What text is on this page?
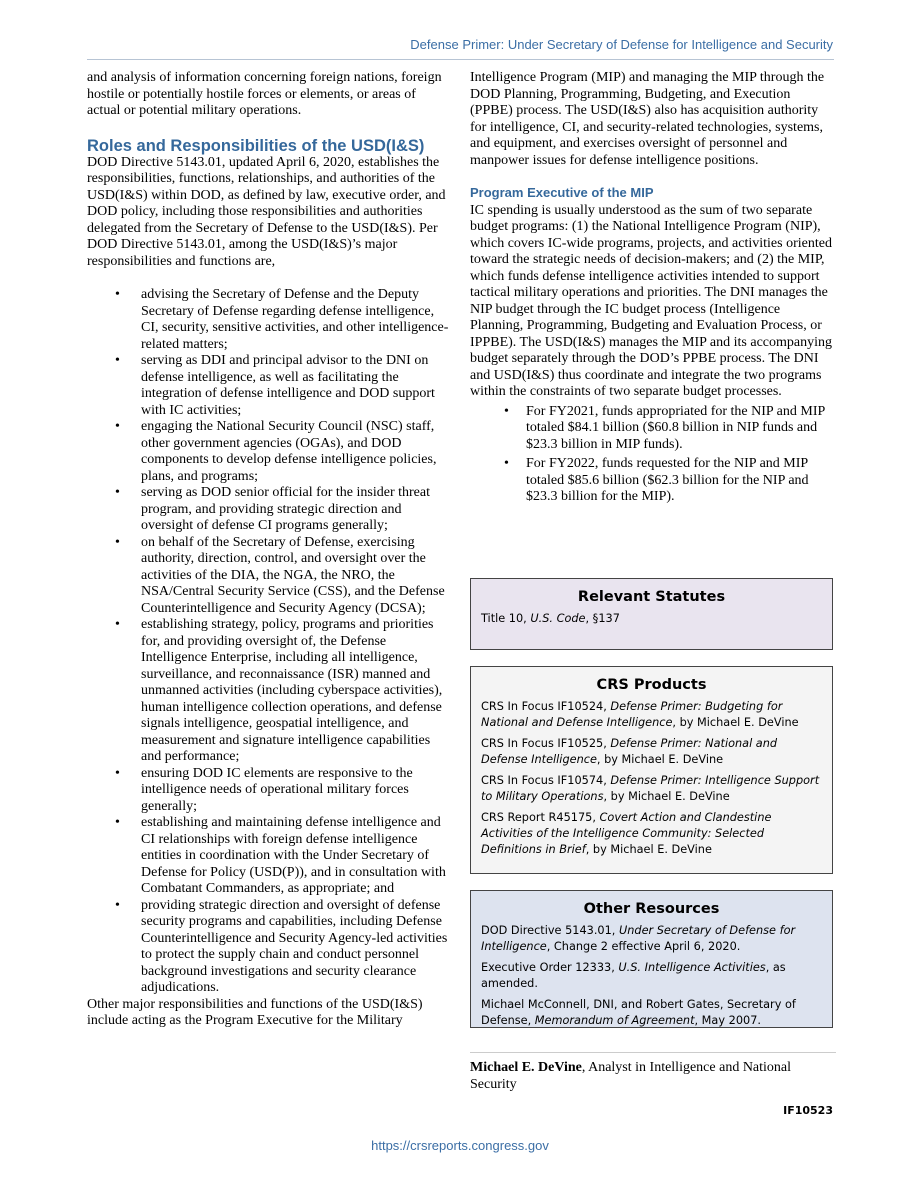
Defense Primer: Under Secretary of Defense for Intelligence and Security

and analysis of information concerning foreign nations, foreign hostile or potentially hostile forces or elements, or areas of actual or potential military operations.

Roles and Responsibilities of the USD(I&S)

DOD Directive 5143.01, updated April 6, 2020, establishes the responsibilities, functions, relationships, and authorities of the USD(I&S) within DOD, as defined by law, executive order, and DOD policy, including those responsibilities and authorities delegated from the Secretary of Defense to the USD(I&S). Per DOD Directive 5143.01, among the USD(I&S)’s major responsibilities and functions are,

• advising the Secretary of Defense and the Deputy Secretary of Defense regarding defense intelligence, CI, security, sensitive activities, and other intelligence-related matters;
• serving as DDI and principal advisor to the DNI on defense intelligence, as well as facilitating the integration of defense intelligence and DOD support with IC activities;
• engaging the National Security Council (NSC) staff, other government agencies (OGAs), and DOD components to develop defense intelligence policies, plans, and programs;
• serving as DOD senior official for the insider threat program, and providing strategic direction and oversight of defense CI programs generally;
• on behalf of the Secretary of Defense, exercising authority, direction, control, and oversight over the activities of the DIA, the NGA, the NRO, the NSA/Central Security Service (CSS), and the Defense Counterintelligence and Security Agency (DCSA);
• establishing strategy, policy, programs and priorities for, and providing oversight of, the Defense Intelligence Enterprise, including all intelligence, surveillance, and reconnaissance (ISR) manned and unmanned activities (including cyberspace activities), human intelligence collection operations, and defense signals intelligence, geospatial intelligence, and measurement and signature intelligence capabilities and performance;
• ensuring DOD IC elements are responsive to the intelligence needs of operational military forces generally;
• establishing and maintaining defense intelligence and CI relationships with foreign defense intelligence entities in coordination with the Under Secretary of Defense for Policy (USD(P)), and in consultation with Combatant Commanders, as appropriate; and
• providing strategic direction and oversight of defense security programs and capabilities, including Defense Counterintelligence and Security Agency-led activities to protect the supply chain and conduct personnel background investigations and security clearance adjudications.

Other major responsibilities and functions of the USD(I&S) include acting as the Program Executive for the Military

Intelligence Program (MIP) and managing the MIP through the DOD Planning, Programming, Budgeting, and Execution (PPBE) process. The USD(I&S) also has acquisition authority for intelligence, CI, and security-related technologies, systems, and equipment, and exercises oversight of personnel and manpower issues for defense intelligence positions.

Program Executive of the MIP

IC spending is usually understood as the sum of two separate budget programs: (1) the National Intelligence Program (NIP), which covers IC-wide programs, projects, and activities oriented toward the strategic needs of decision-makers; and (2) the MIP, which funds defense intelligence activities intended to support tactical military operations and priorities. The DNI manages the NIP budget through the IC budget process (Intelligence Planning, Programming, Budgeting and Evaluation Process, or IPPBE). The USD(I&S) manages the MIP and its accompanying budget separately through the DOD’s PPBE process. The DNI and USD(I&S) thus coordinate and integrate the two programs within the constraints of two separate budget processes.

• For FY2021, funds appropriated for the NIP and MIP totaled $84.1 billion ($60.8 billion in NIP funds and $23.3 billion in MIP funds).
• For FY2022, funds requested for the NIP and MIP totaled $85.6 billion ($62.3 billion for the NIP and $23.3 billion for the MIP).
Relevant Statutes
Title 10, U.S. Code, §137
CRS Products
CRS In Focus IF10524, Defense Primer: Budgeting for National and Defense Intelligence, by Michael E. DeVine
CRS In Focus IF10525, Defense Primer: National and Defense Intelligence, by Michael E. DeVine
CRS In Focus IF10574, Defense Primer: Intelligence Support to Military Operations, by Michael E. DeVine
CRS Report R45175, Covert Action and Clandestine Activities of the Intelligence Community: Selected Definitions in Brief, by Michael E. DeVine
Other Resources
DOD Directive 5143.01, Under Secretary of Defense for Intelligence, Change 2 effective April 6, 2020.
Executive Order 12333, U.S. Intelligence Activities, as amended.
Michael McConnell, DNI, and Robert Gates, Secretary of Defense, Memorandum of Agreement, May 2007.
Michael E. DeVine, Analyst in Intelligence and National Security
IF10523
https://crsreports.congress.gov
